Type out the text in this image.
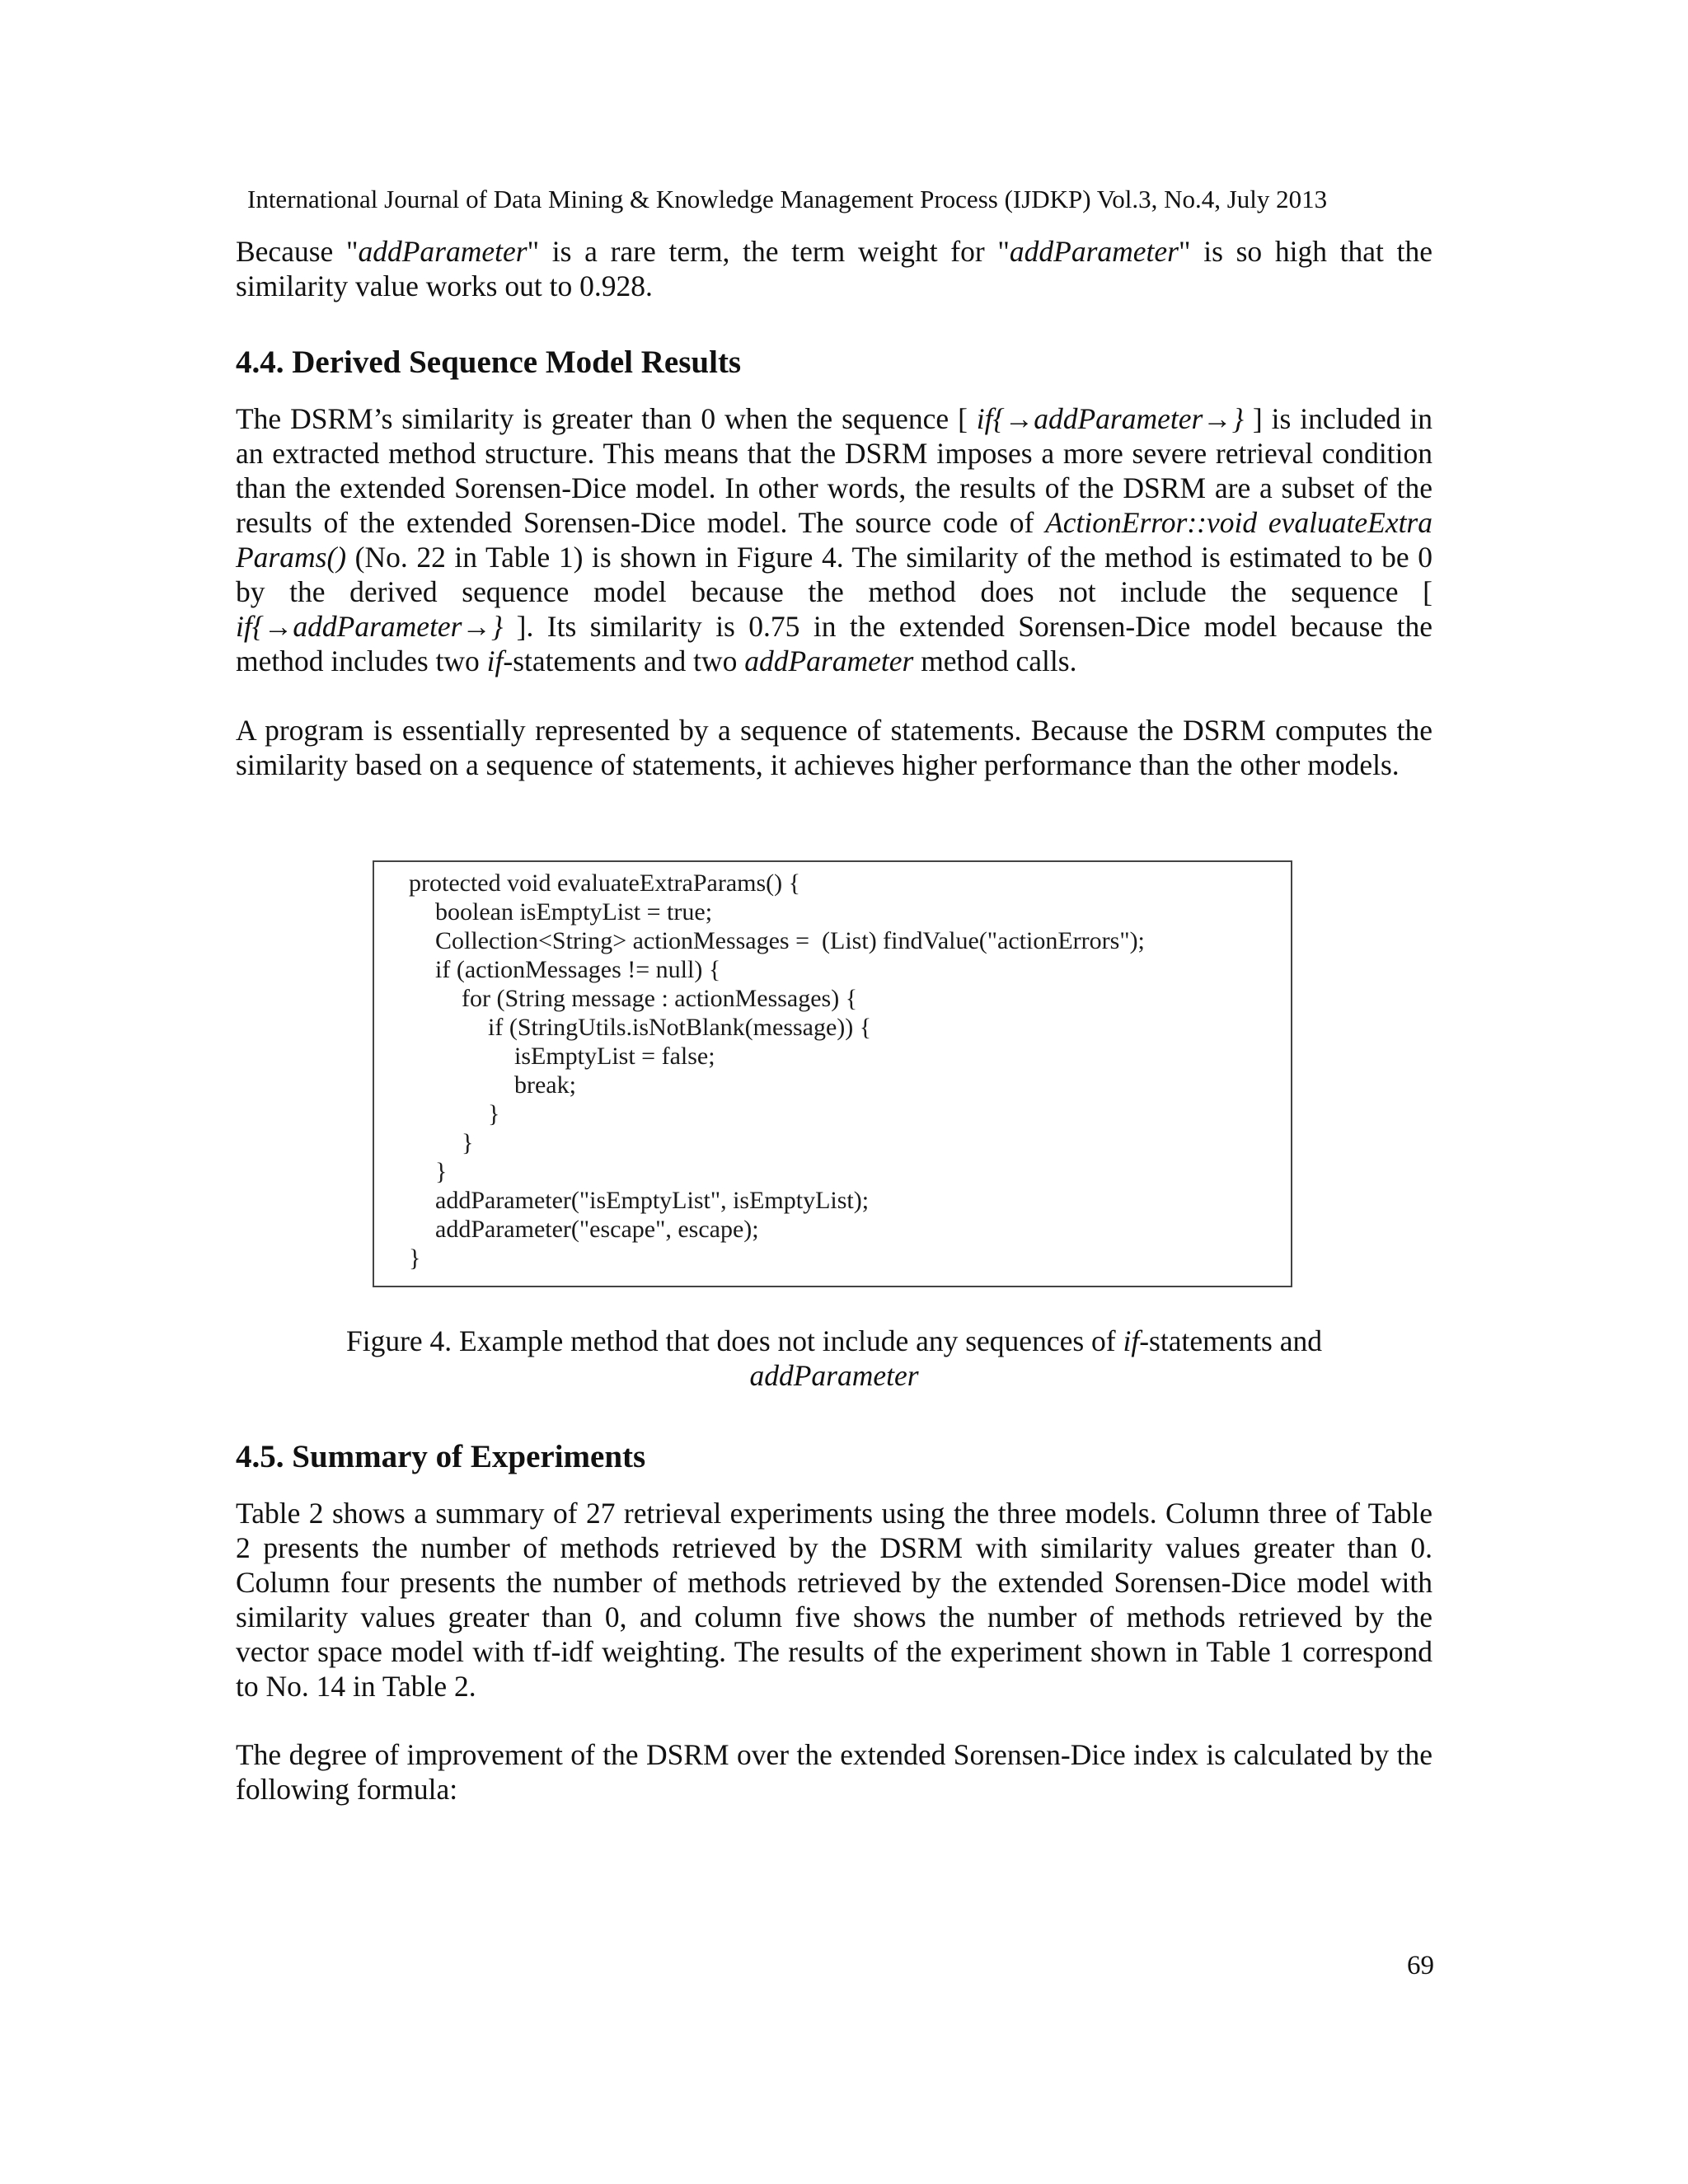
International Journal of Data Mining & Knowledge Management Process (IJDKP) Vol.3, No.4, July 2013

Because "addParameter" is a rare term, the term weight for "addParameter" is so high that the similarity value works out to 0.928.

4.4. Derived Sequence Model Results

The DSRM’s similarity is greater than 0 when the sequence [ if{→addParameter→} ] is included in an extracted method structure. This means that the DSRM imposes a more severe retrieval condition than the extended Sorensen-Dice model. In other words, the results of the DSRM are a subset of the results of the extended Sorensen-Dice model. The source code of ActionError::void evaluateExtra Params() (No. 22 in Table 1) is shown in Figure 4. The similarity of the method is estimated to be 0 by the derived sequence model because the method does not include the sequence [ if{→addParameter→} ]. Its similarity is 0.75 in the extended Sorensen-Dice model because the method includes two if-statements and two addParameter method calls.

A program is essentially represented by a sequence of statements. Because the DSRM computes the similarity based on a sequence of statements, it achieves higher performance than the other models.

protected void evaluateExtraParams() {
boolean isEmptyList = true;
Collection<String> actionMessages =  (List) findValue("actionErrors");
if (actionMessages != null) {
for (String message : actionMessages) {
if (StringUtils.isNotBlank(message)) {
isEmptyList = false;
break;
}
}
}
addParameter("isEmptyList", isEmptyList);
addParameter("escape", escape);
}
Figure 4. Example method that does not include any sequences of if-statements and
addParameter
4.5. Summary of Experiments

Table 2 shows a summary of 27 retrieval experiments using the three models. Column three of Table 2 presents the number of methods retrieved by the DSRM with similarity values greater than 0. Column four presents the number of methods retrieved by the extended Sorensen-Dice model with similarity values greater than 0, and column five shows the number of methods retrieved by the vector space model with tf-idf weighting. The results of the experiment shown in Table 1 correspond to No. 14 in Table 2.

The degree of improvement of the DSRM over the extended Sorensen-Dice index is calculated by the following formula:

69
